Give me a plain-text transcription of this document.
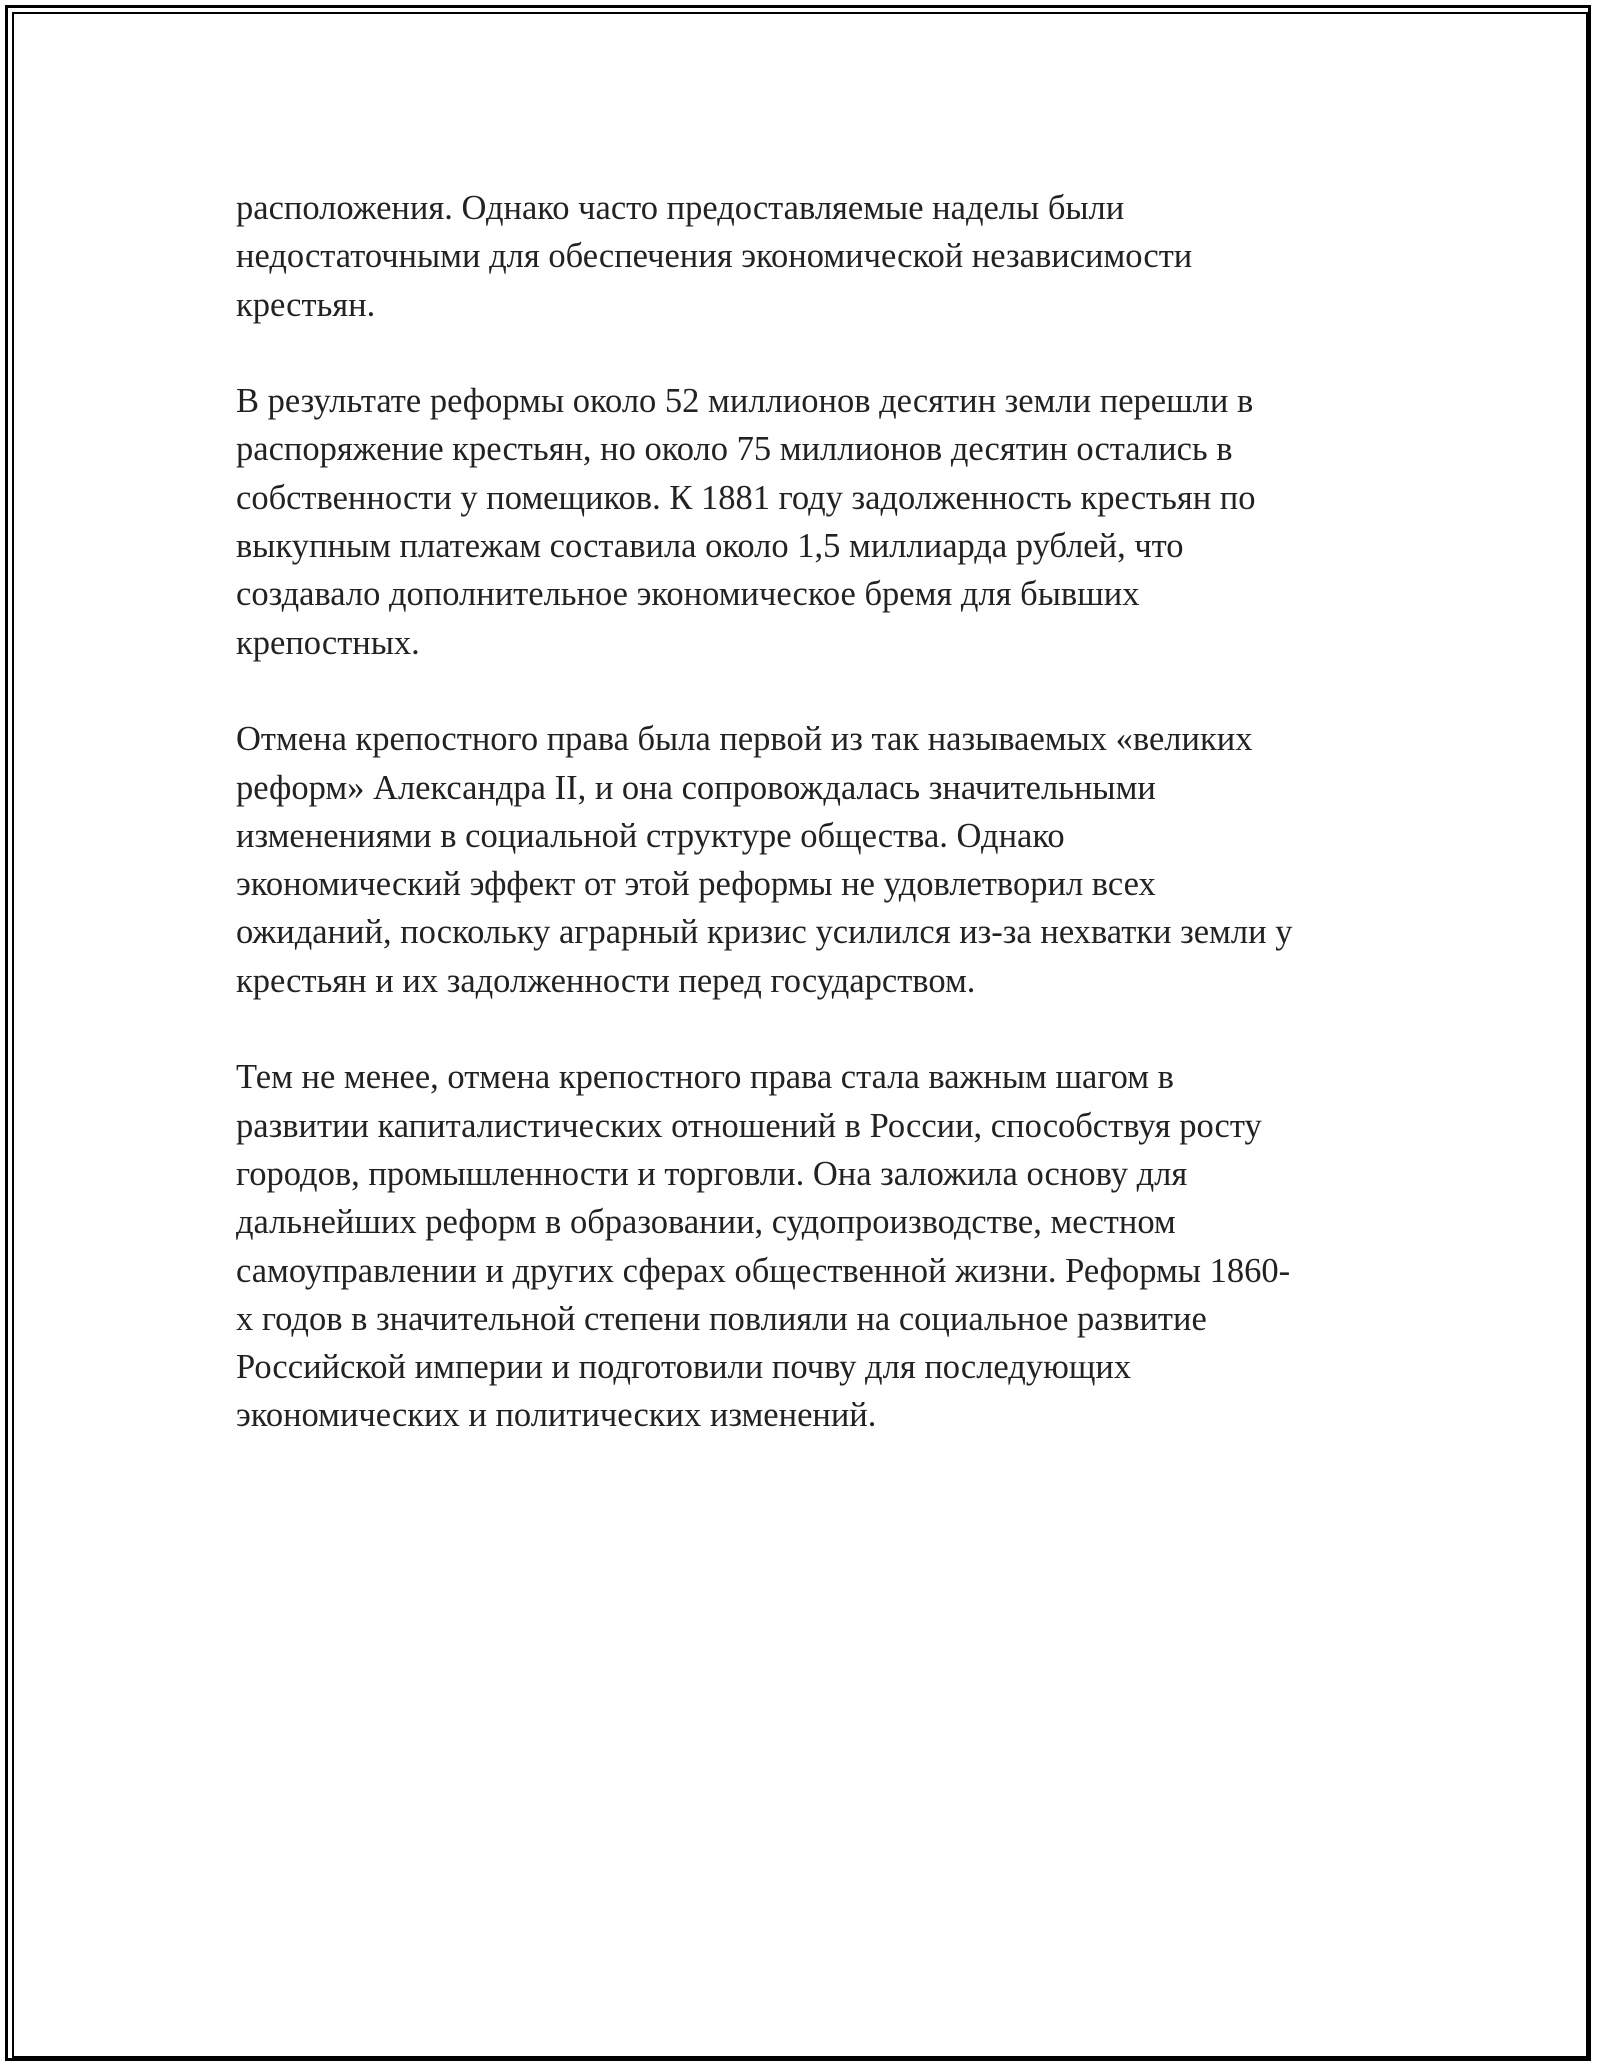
расположения. Однако часто предоставляемые наделы были
недостаточными для обеспечения экономической независимости
крестьян.

В результате реформы около 52 миллионов десятин земли перешли в
распоряжение крестьян, но около 75 миллионов десятин остались в
собственности у помещиков. К 1881 году задолженность крестьян по
выкупным платежам составила около 1,5 миллиарда рублей, что
создавало дополнительное экономическое бремя для бывших
крепостных.

Отмена крепостного права была первой из так называемых «великих
реформ» Александра II, и она сопровождалась значительными
изменениями в социальной структуре общества. Однако
экономический эффект от этой реформы не удовлетворил всех
ожиданий, поскольку аграрный кризис усилился из-за нехватки земли у
крестьян и их задолженности перед государством.

Тем не менее, отмена крепостного права стала важным шагом в
развитии капиталистических отношений в России, способствуя росту
городов, промышленности и торговли. Она заложила основу для
дальнейших реформ в образовании, судопроизводстве, местном
самоуправлении и других сферах общественной жизни. Реформы 1860-
х годов в значительной степени повлияли на социальное развитие
Российской империи и подготовили почву для последующих
экономических и политических изменений.
